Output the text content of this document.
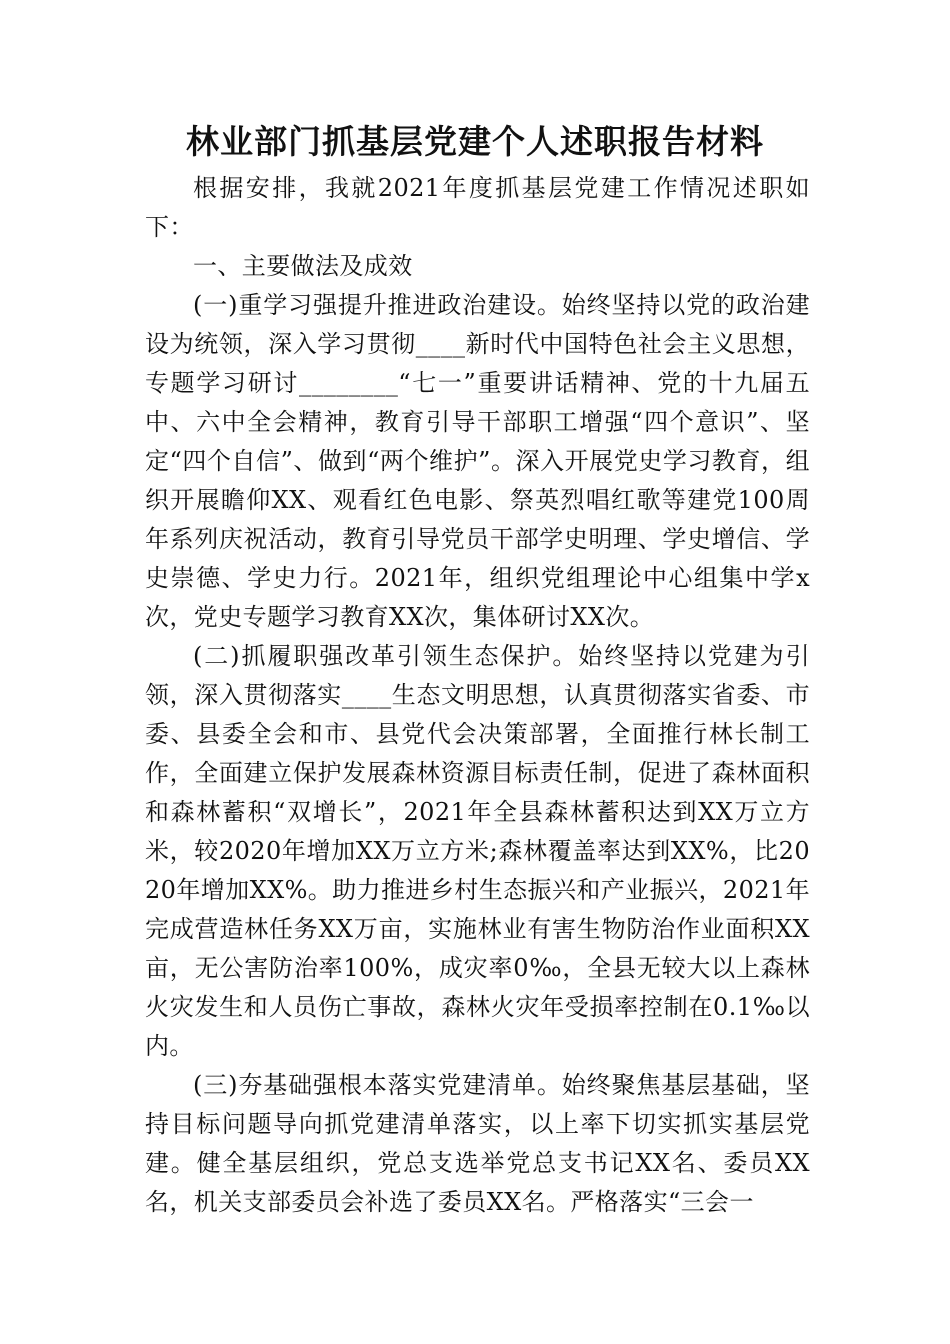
林业部门抓基层党建个人述职报告材料

根据安排，我就2021年度抓基层党建工作情况述职如下：

一、主要做法及成效

(一)重学习强提升推进政治建设。始终坚持以党的政治建设为统领，深入学习贯彻____新时代中国特色社会主义思想，专题学习研讨________“七一”重要讲话精神、党的十九届五中、六中全会精神，教育引导干部职工增强“四个意识”、坚定“四个自信”、做到“两个维护”。深入开展党史学习教育，组织开展瞻仰XX、观看红色电影、祭英烈唱红歌等建党100周年系列庆祝活动，教育引导党员干部学史明理、学史增信、学史崇德、学史力行。2021年，组织党组理论中心组集中学x次，党史专题学习教育XX次，集体研讨XX次。

(二)抓履职强改革引领生态保护。始终坚持以党建为引领，深入贯彻落实____生态文明思想，认真贯彻落实省委、市委、县委全会和市、县党代会决策部署，全面推行林长制工作，全面建立保护发展森林资源目标责任制，促进了森林面积和森林蓄积“双增长”，2021年全县森林蓄积达到XX万立方米，较2020年增加XX万立方米;森林覆盖率达到XX%，比2020年增加XX%。助力推进乡村生态振兴和产业振兴，2021年完成营造林任务XX万亩，实施林业有害生物防治作业面积XX亩，无公害防治率100%，成灾率0‰，全县无较大以上森林火灾发生和人员伤亡事故，森林火灾年受损率控制在0.1‰以内。

(三)夯基础强根本落实党建清单。始终聚焦基层基础，坚持目标问题导向抓党建清单落实，以上率下切实抓实基层党建。健全基层组织，党总支选举党总支书记XX名、委员XX名，机关支部委员会补选了委员XX名。严格落实“三会一
